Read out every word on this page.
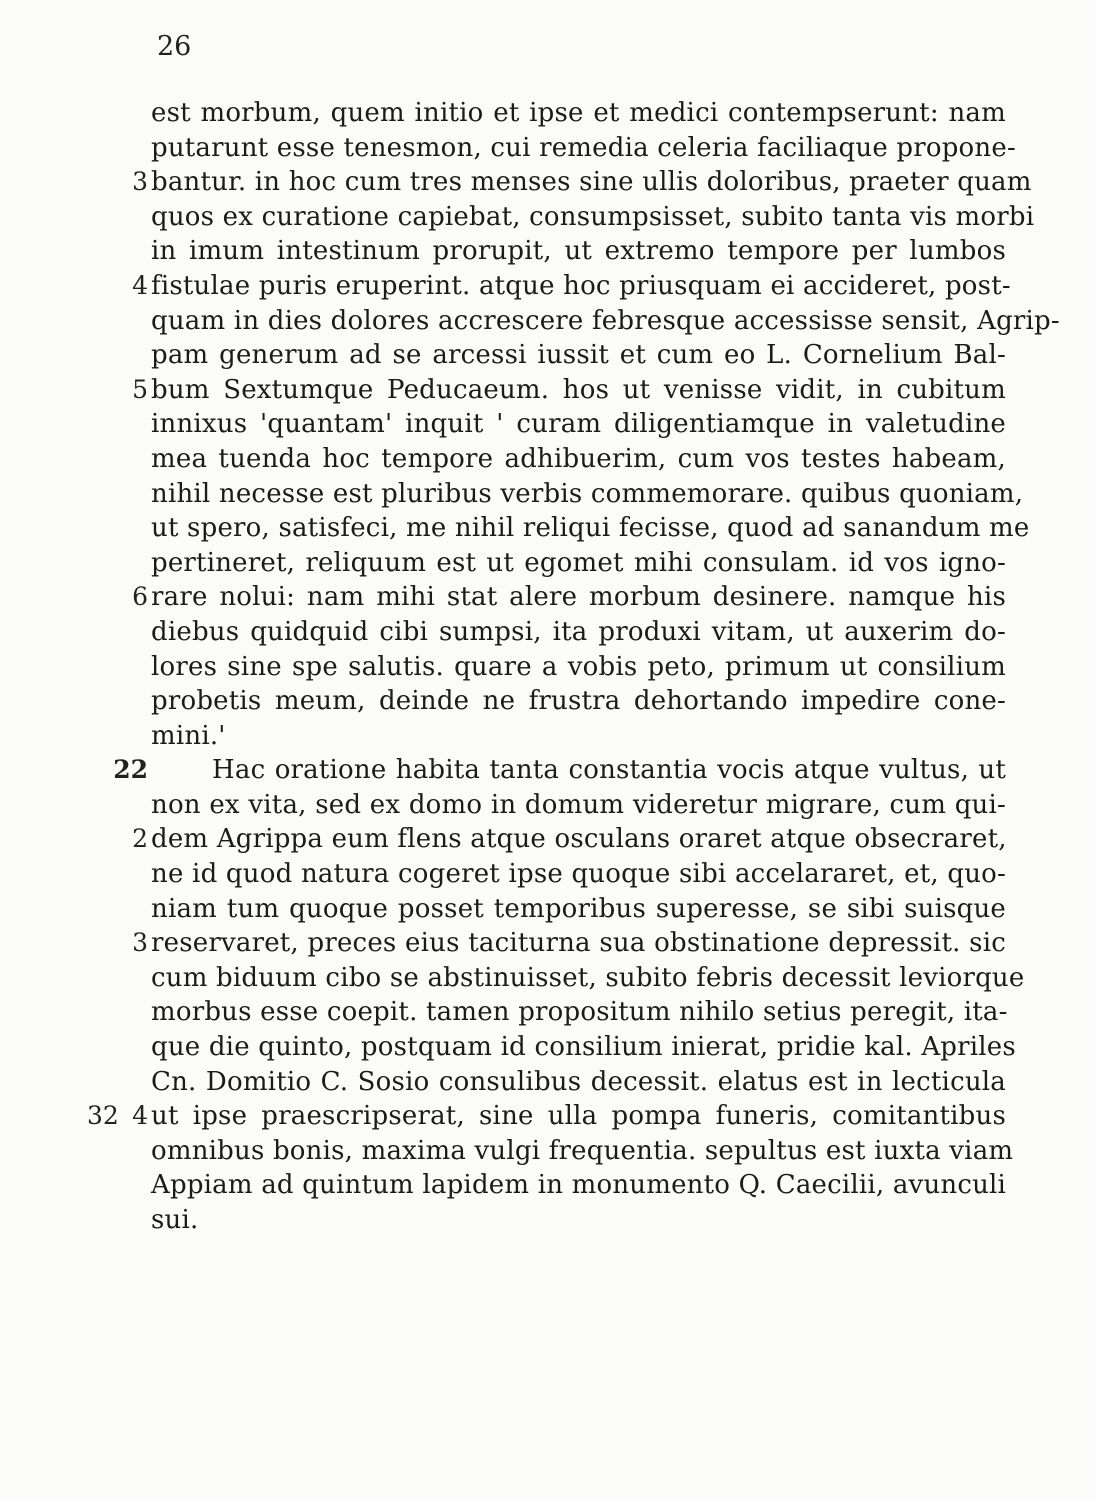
26
est morbum, quem initio et ipse et medici contempserunt: nam
putarunt esse tenesmon, cui remedia celeria faciliaque propone-
3 bantur. in hoc cum tres menses sine ullis doloribus, praeter quam
quos ex curatione capiebat, consumpsisset, subito tanta vis morbi
in imum intestinum prorupit, ut extremo tempore per lumbos
4 fistulae puris eruperint. atque hoc priusquam ei accideret, post-
quam in dies dolores accrescere febresque accessisse sensit, Agrip-
pam generum ad se arcessi iussit et cum eo L. Cornelium Bal-
5 bum Sextumque Peducaeum. hos ut venisse vidit, in cubitum
innixus 'quantam' inquit ' curam diligentiamque in valetudine
mea tuenda hoc tempore adhibuerim, cum vos testes habeam,
nihil necesse est pluribus verbis commemorare. quibus quoniam,
ut spero, satisfeci, me nihil reliqui fecisse, quod ad sanandum me
pertineret, reliquum est ut egomet mihi consulam. id vos igno-
6 rare nolui: nam mihi stat alere morbum desinere. namque his
diebus quidquid cibi sumpsi, ita produxi vitam, ut auxerim do-
lores sine spe salutis. quare a vobis peto, primum ut consilium
probetis meum, deinde ne frustra dehortando impedire cone-
mini.'
22 Hac oratione habita tanta constantia vocis atque vultus, ut
non ex vita, sed ex domo in domum videretur migrare, cum qui-
2 dem Agrippa eum flens atque osculans oraret atque obsecraret,
ne id quod natura cogeret ipse quoque sibi accelararet, et, quo-
niam tum quoque posset temporibus superesse, se sibi suisque
3 reservaret, preces eius taciturna sua obstinatione depressit. sic
cum biduum cibo se abstinuisset, subito febris decessit leviorque
morbus esse coepit. tamen propositum nihilo setius peregit, ita-
que die quinto, postquam id consilium inierat, pridie kal. Apriles
Cn. Domitio C. Sosio consulibus decessit. elatus est in lecticula
32 4 ut ipse praescripserat, sine ulla pompa funeris, comitantibus
omnibus bonis, maxima vulgi frequentia. sepultus est iuxta viam
Appiam ad quintum lapidem in monumento Q. Caecilii, avunculi
sui.
